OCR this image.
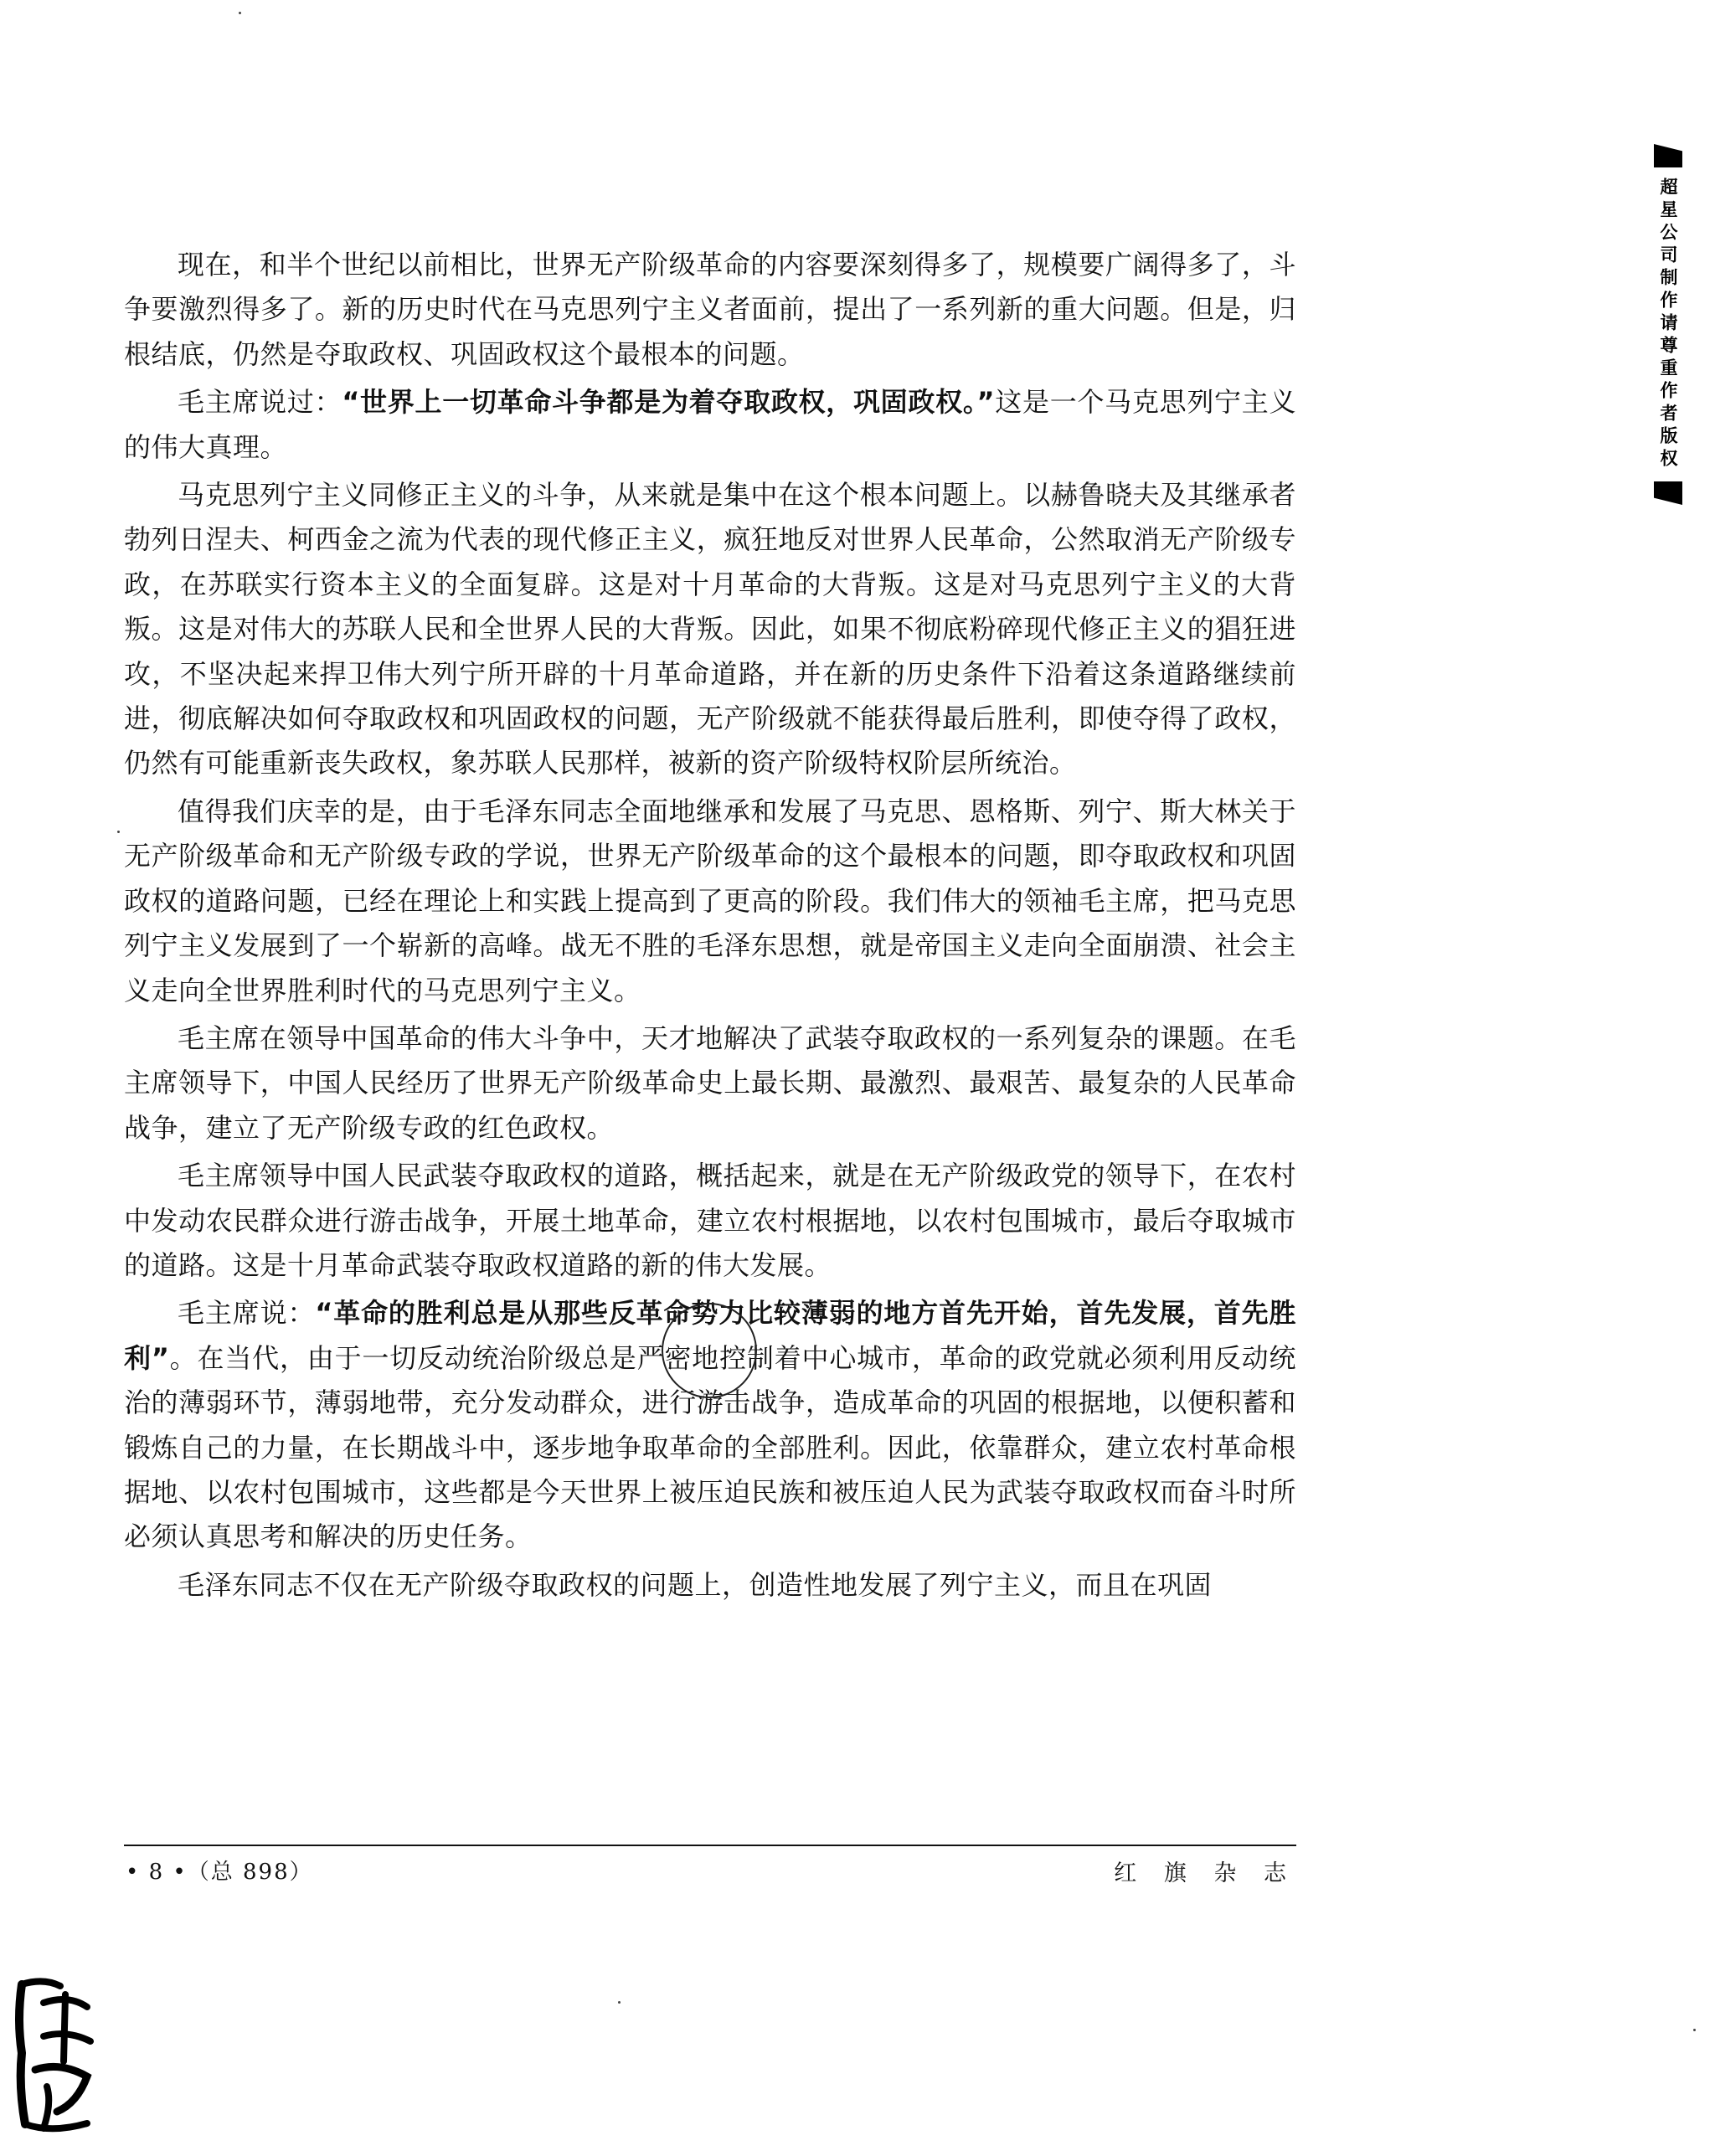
现在，和半个世纪以前相比，世界无产阶级革命的内容要深刻得多了，规模要广阔得多了，斗争要激烈得多了。新的历史时代在马克思列宁主义者面前，提出了一系列新的重大问题。但是，归根结底，仍然是夺取政权、巩固政权这个最根本的问题。

毛主席说过：“世界上一切革命斗争都是为着夺取政权，巩固政权。”这是一个马克思列宁主义的伟大真理。

马克思列宁主义同修正主义的斗争，从来就是集中在这个根本问题上。以赫鲁晓夫及其继承者勃列日涅夫、柯西金之流为代表的现代修正主义，疯狂地反对世界人民革命，公然取消无产阶级专政，在苏联实行资本主义的全面复辟。这是对十月革命的大背叛。这是对马克思列宁主义的大背叛。这是对伟大的苏联人民和全世界人民的大背叛。因此，如果不彻底粉碎现代修正主义的猖狂进攻，不坚决起来捍卫伟大列宁所开辟的十月革命道路，并在新的历史条件下沿着这条道路继续前进，彻底解决如何夺取政权和巩固政权的问题，无产阶级就不能获得最后胜利，即使夺得了政权，仍然有可能重新丧失政权，象苏联人民那样，被新的资产阶级特权阶层所统治。

值得我们庆幸的是，由于毛泽东同志全面地继承和发展了马克思、恩格斯、列宁、斯大林关于无产阶级革命和无产阶级专政的学说，世界无产阶级革命的这个最根本的问题，即夺取政权和巩固政权的道路问题，已经在理论上和实践上提高到了更高的阶段。我们伟大的领袖毛主席，把马克思列宁主义发展到了一个崭新的高峰。战无不胜的毛泽东思想，就是帝国主义走向全面崩溃、社会主义走向全世界胜利时代的马克思列宁主义。

毛主席在领导中国革命的伟大斗争中，天才地解决了武装夺取政权的一系列复杂的课题。在毛主席领导下，中国人民经历了世界无产阶级革命史上最长期、最激烈、最艰苦、最复杂的人民革命战争，建立了无产阶级专政的红色政权。

毛主席领导中国人民武装夺取政权的道路，概括起来，就是在无产阶级政党的领导下，在农村中发动农民群众进行游击战争，开展土地革命，建立农村根据地，以农村包围城市，最后夺取城市的道路。这是十月革命武装夺取政权道路的新的伟大发展。

毛主席说：“革命的胜利总是从那些反革命势力比较薄弱的地方首先开始，首先发展，首先胜利”。在当代，由于一切反动统治阶级总是严密地控制着中心城市，革命的政党就必须利用反动统治的薄弱环节，薄弱地带，充分发动群众，进行游击战争，造成革命的巩固的根据地，以便积蓄和锻炼自己的力量，在长期战斗中，逐步地争取革命的全部胜利。因此，依靠群众，建立农村革命根据地、以农村包围城市，这些都是今天世界上被压迫民族和被压迫人民为武装夺取政权而奋斗时所必须认真思考和解决的历史任务。

毛泽东同志不仅在无产阶级夺取政权的问题上，创造性地发展了列宁主义，而且在巩固

• 8 •（总 898）	红 旗 杂 志
超星公司制作请尊重作者版权
